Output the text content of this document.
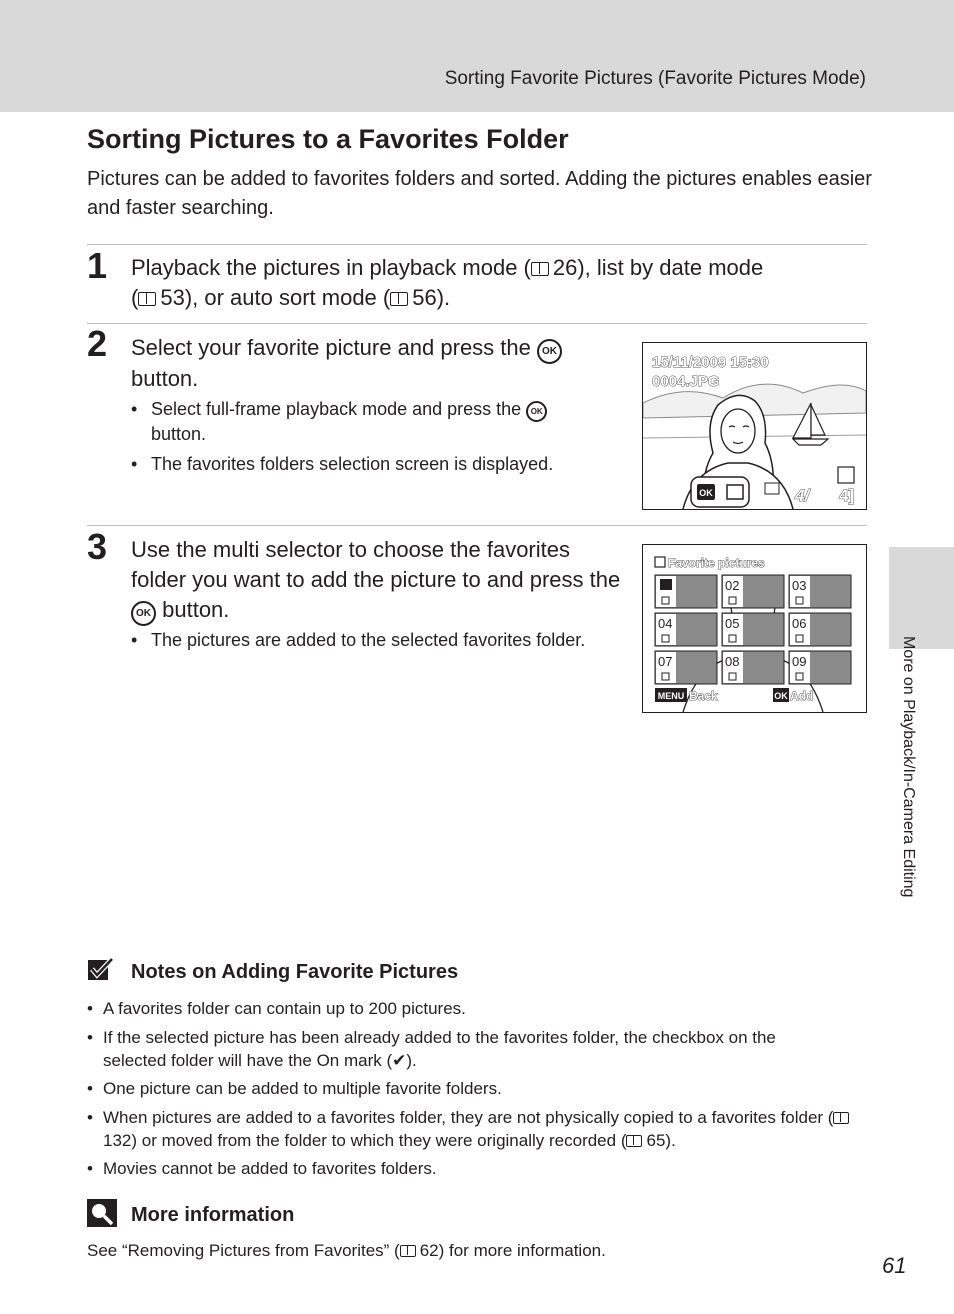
Sorting Favorite Pictures (Favorite Pictures Mode)
More on Playback/In-Camera Editing
Sorting Pictures to a Favorites Folder

Pictures can be added to favorites folders and sorted. Adding the pictures enables easier and faster searching.

1 Playback the pictures in playback mode ( 26), list by date mode
( 53), or auto sort mode ( 56).

2 Select your favorite picture and press the OK
button.

• Select full-frame playback mode and press the OK
button.
• The favorites folders selection screen is displayed.
OK
15/11/2009 15:30
0004.JPG
4/ 4]
3 Use the multi selector to choose the favorites folder you want to add the picture to and press the OK button.

• The pictures are added to the selected favorites folder.
Favorite pictures
02	03
04	05	06
07	08	09
MENU Back	OK Add
Notes on Adding Favorite Pictures
• A favorites folder can contain up to 200 pictures.
• If the selected picture has been already added to the favorites folder, the checkbox on the selected folder will have the On mark (✔).
• One picture can be added to multiple favorite folders.
• When pictures are added to a favorites folder, they are not physically copied to a favorites folder (132) or moved from the folder to which they were originally recorded ( 65).
• Movies cannot be added to favorites folders.
More information
See “Removing Pictures from Favorites” ( 62) for more information.
61
